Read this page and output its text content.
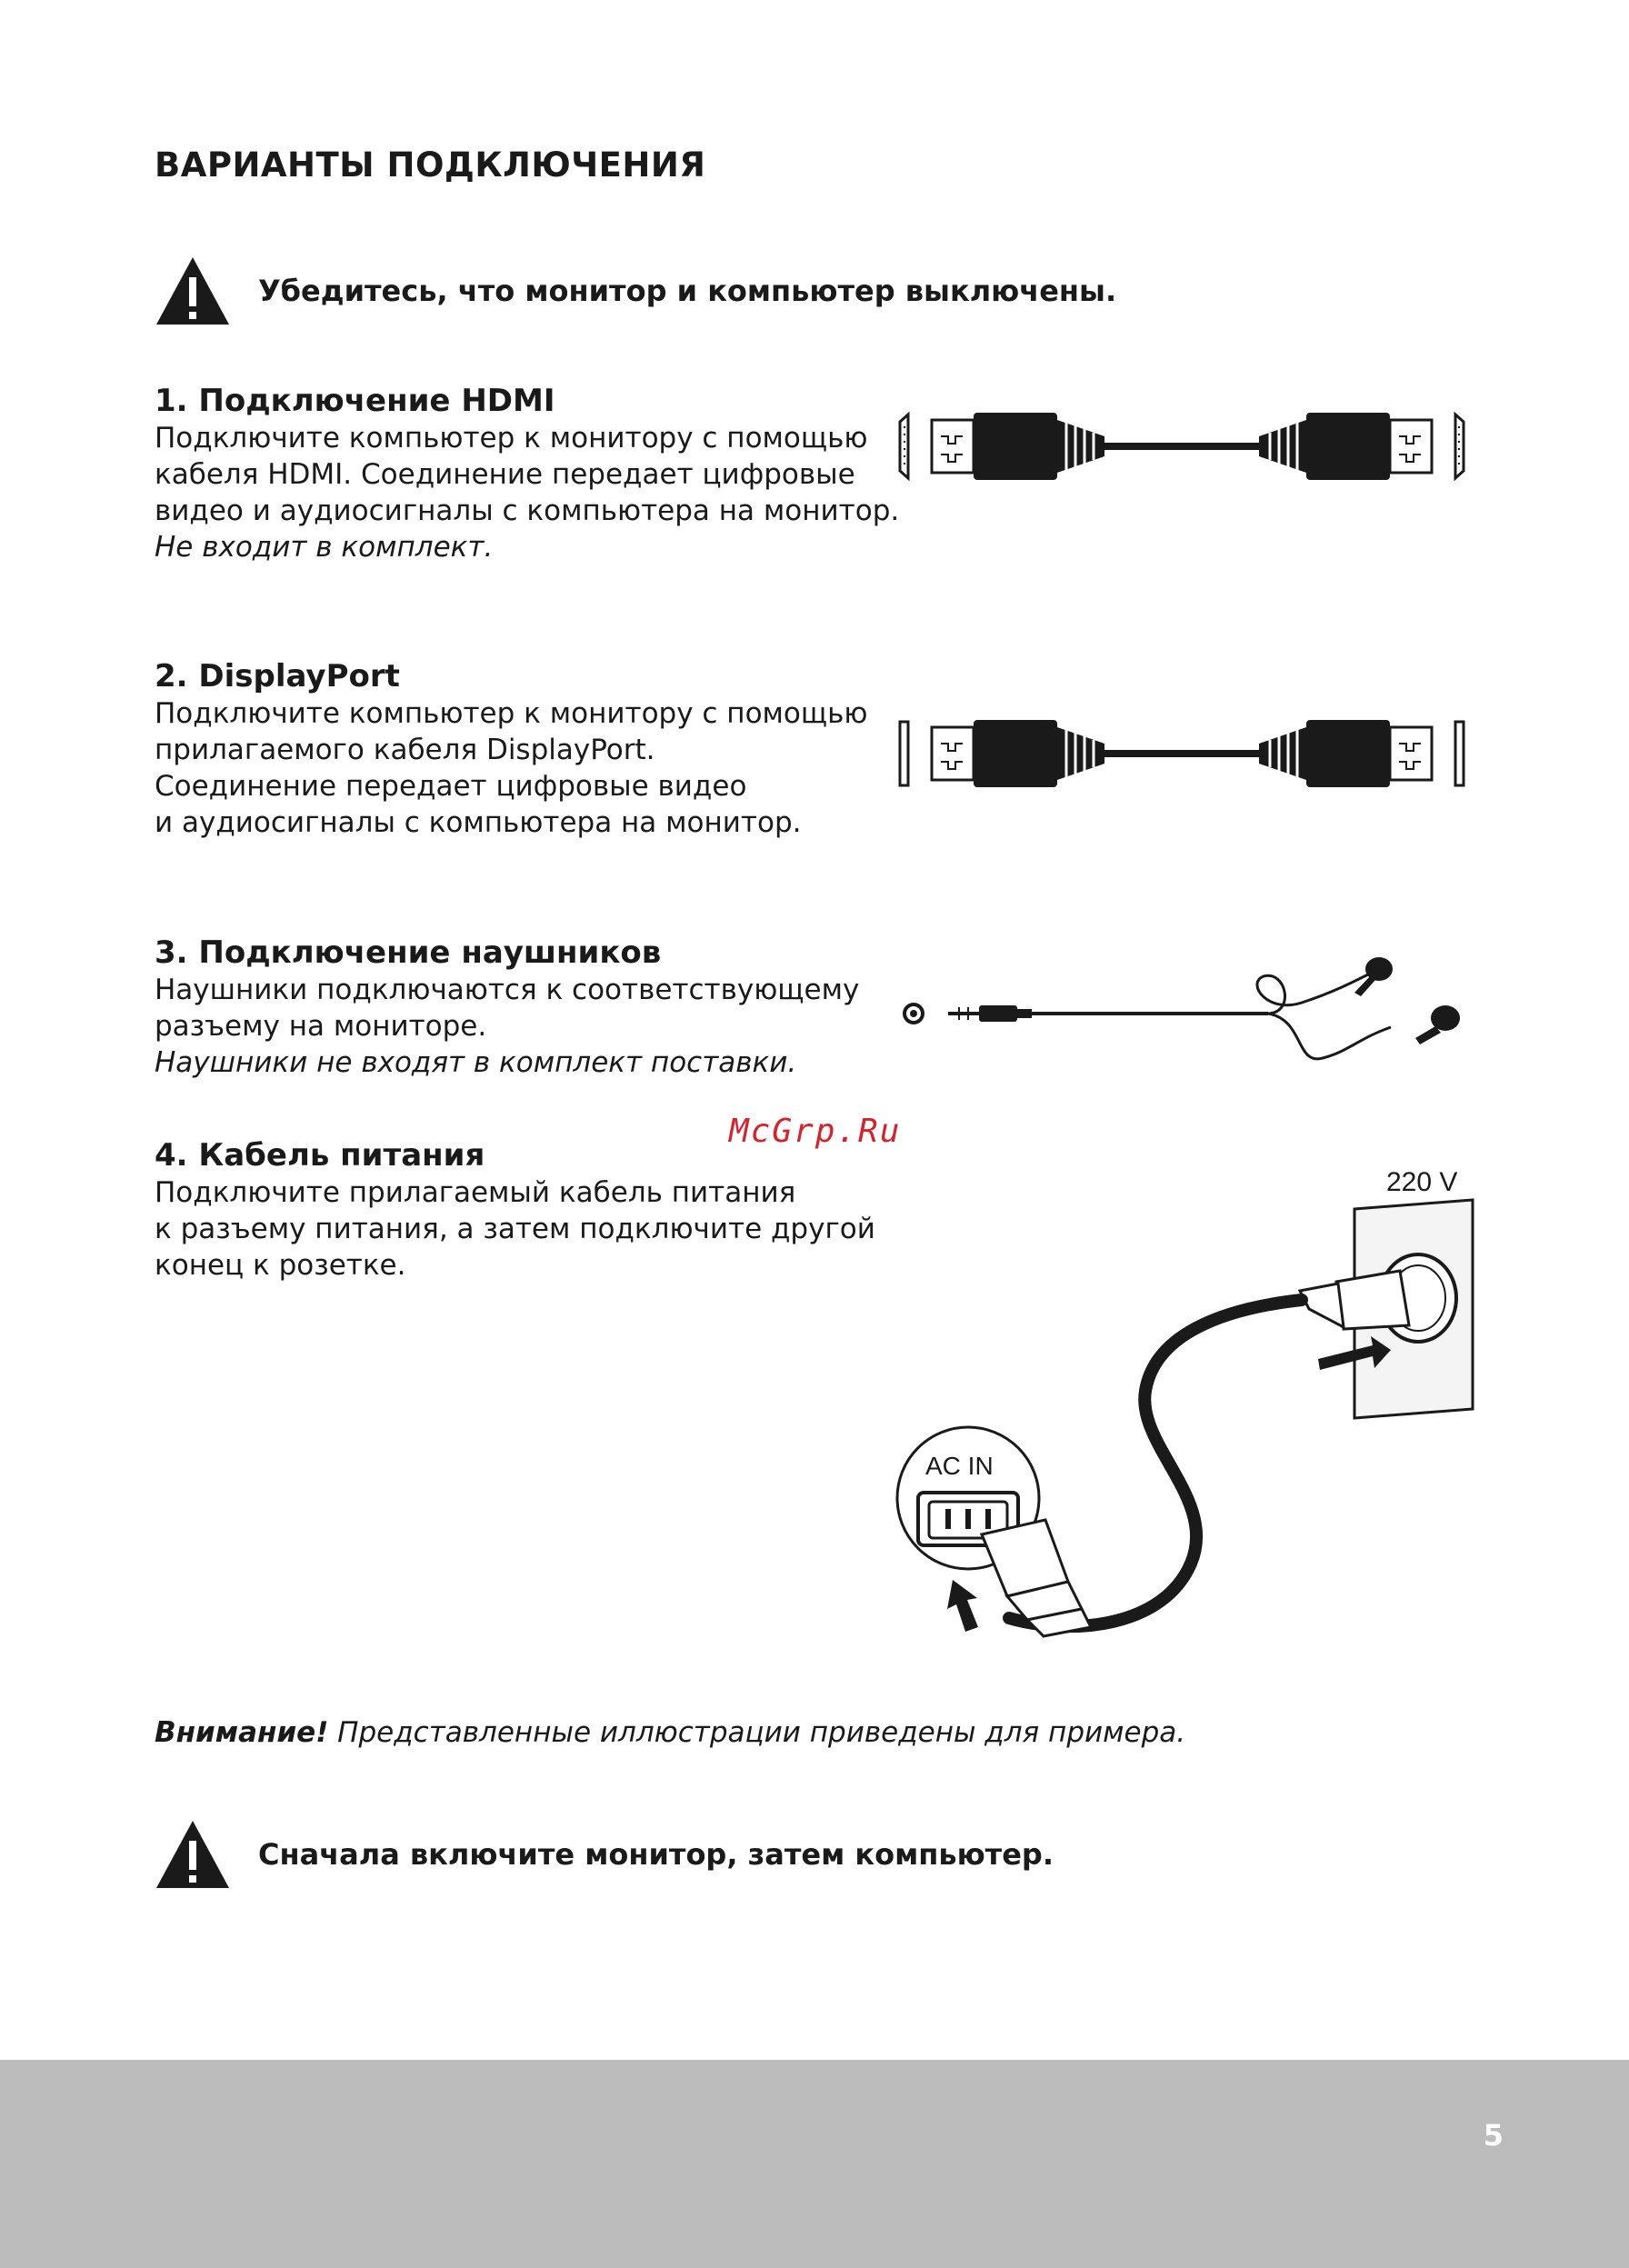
ВАРИАНТЫ ПОДКЛЮЧЕНИЯ
Убедитесь, что монитор и компьютер выключены.
1. Подключение HDMI
Подключите компьютер к монитору с помощью
кабеля HDMI. Соединение передает цифровые
видео и аудиосигналы с компьютера на монитор.
Не входит в комплект.
2. DisplayPort
Подключите компьютер к монитору с помощью
прилагаемого кабеля DisplayPort.
Соединение передает цифровые видео
и аудиосигналы с компьютера на монитор.
3. Подключение наушников
Наушники подключаются к соответствующему
разъему на мониторе.
Наушники не входят в комплект поставки.
McGrp.Ru
4. Кабель питания
Подключите прилагаемый кабель питания
к разъему питания, а затем подключите другой
конец к розетке.
220 V
AC IN
Внимание! Представленные иллюстрации приведены для примера.
Сначала включите монитор, затем компьютер.
5
